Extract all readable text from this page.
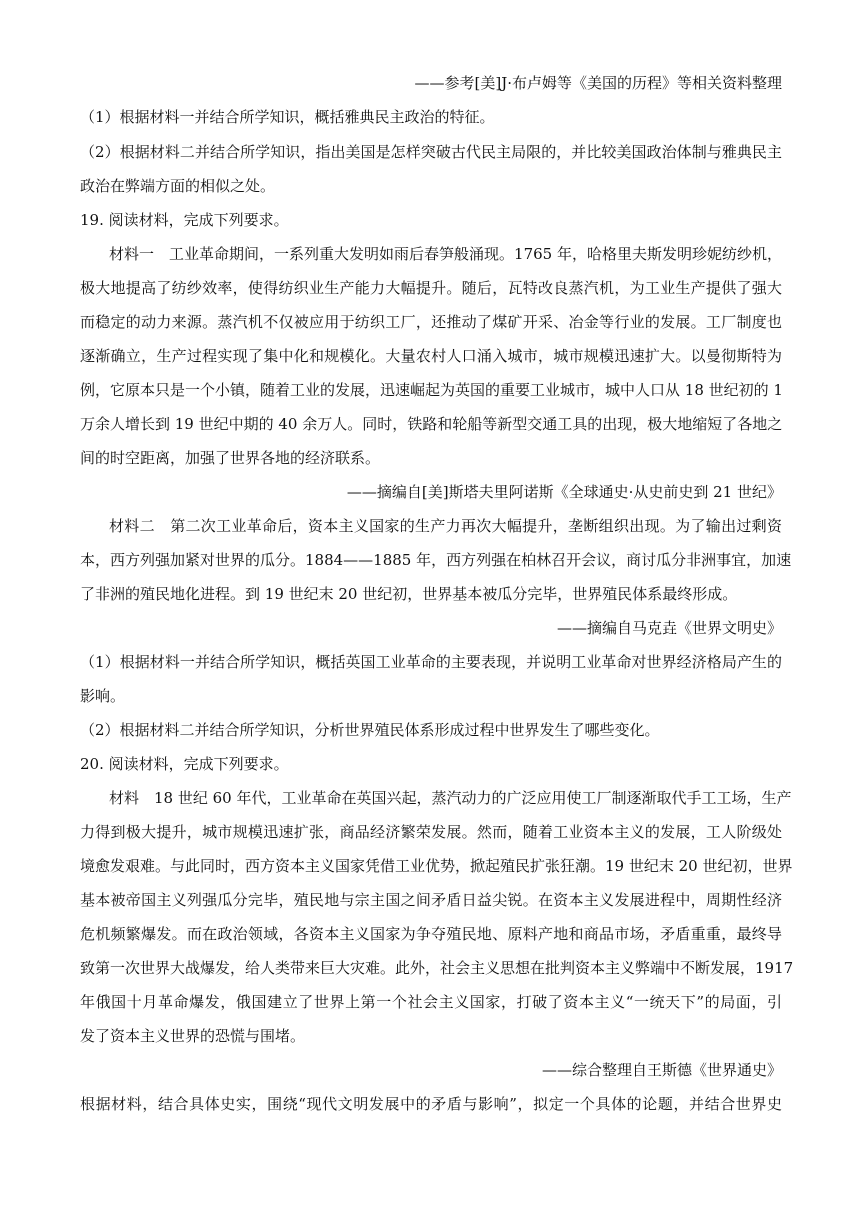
——参考[美]J·布卢姆等《美国的历程》等相关资料整理
（1）根据材料一并结合所学知识，概括雅典民主政治的特征。
（2）根据材料二并结合所学知识，指出美国是怎样突破古代民主局限的，并比较美国政治体制与雅典民主
政治在弊端方面的相似之处。
19. 阅读材料，完成下列要求。
材料一　工业革命期间，一系列重大发明如雨后春笋般涌现。1765 年，哈格里夫斯发明珍妮纺纱机，
极大地提高了纺纱效率，使得纺织业生产能力大幅提升。随后，瓦特改良蒸汽机，为工业生产提供了强大
而稳定的动力来源。蒸汽机不仅被应用于纺织工厂，还推动了煤矿开采、冶金等行业的发展。工厂制度也
逐渐确立，生产过程实现了集中化和规模化。大量农村人口涌入城市，城市规模迅速扩大。以曼彻斯特为
例，它原本只是一个小镇，随着工业的发展，迅速崛起为英国的重要工业城市，城中人口从 18 世纪初的 1
万余人增长到 19 世纪中期的 40 余万人。同时，铁路和轮船等新型交通工具的出现，极大地缩短了各地之
间的时空距离，加强了世界各地的经济联系。
——摘编自[美]斯塔夫里阿诺斯《全球通史·从史前史到 21 世纪》
材料二　第二次工业革命后，资本主义国家的生产力再次大幅提升，垄断组织出现。为了输出过剩资
本，西方列强加紧对世界的瓜分。1884——1885 年，西方列强在柏林召开会议，商讨瓜分非洲事宜，加速
了非洲的殖民地化进程。到 19 世纪末 20 世纪初，世界基本被瓜分完毕，世界殖民体系最终形成。
——摘编自马克垚《世界文明史》
（1）根据材料一并结合所学知识，概括英国工业革命的主要表现，并说明工业革命对世界经济格局产生的
影响。
（2）根据材料二并结合所学知识，分析世界殖民体系形成过程中世界发生了哪些变化。
20. 阅读材料，完成下列要求。
材料　18 世纪 60 年代，工业革命在英国兴起，蒸汽动力的广泛应用使工厂制逐渐取代手工工场，生产
力得到极大提升，城市规模迅速扩张，商品经济繁荣发展。然而，随着工业资本主义的发展，工人阶级处
境愈发艰难。与此同时，西方资本主义国家凭借工业优势，掀起殖民扩张狂潮。19 世纪末 20 世纪初，世界
基本被帝国主义列强瓜分完毕，殖民地与宗主国之间矛盾日益尖锐。在资本主义发展进程中，周期性经济
危机频繁爆发。而在政治领域，各资本主义国家为争夺殖民地、原料产地和商品市场，矛盾重重，最终导
致第一次世界大战爆发，给人类带来巨大灾难。此外，社会主义思想在批判资本主义弊端中不断发展，1917
年俄国十月革命爆发，俄国建立了世界上第一个社会主义国家，打破了资本主义“一统天下”的局面，引
发了资本主义世界的恐慌与围堵。
——综合整理自王斯德《世界通史》
根据材料，结合具体史实，围绕“现代文明发展中的矛盾与影响”，拟定一个具体的论题，并结合世界史
